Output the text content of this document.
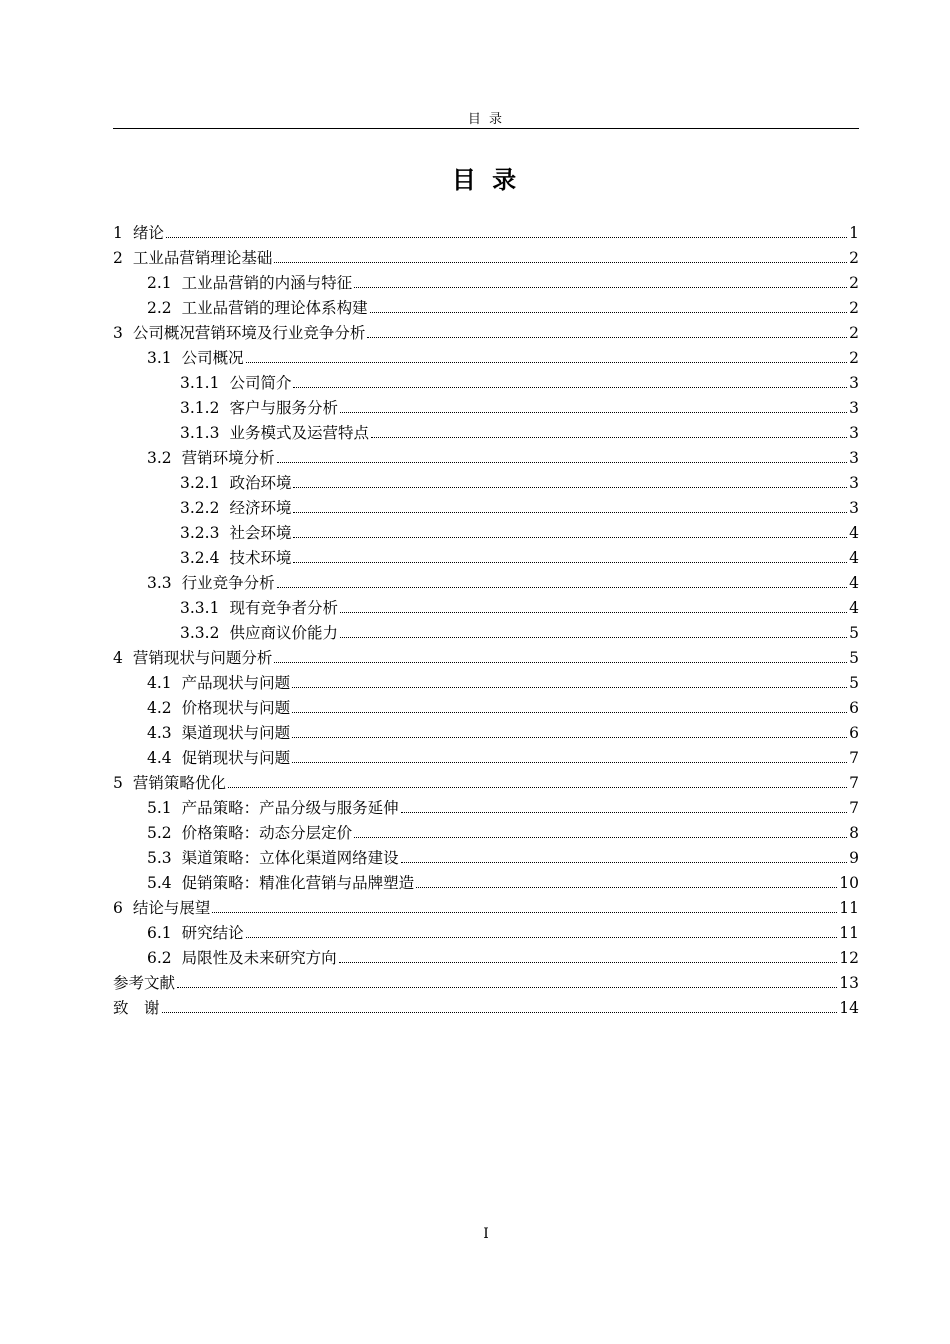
目 录
目 录
1 绪论	1
2 工业品营销理论基础	2
2.1 工业品营销的内涵与特征	2
2.2 工业品营销的理论体系构建	2
3 公司概况营销环境及行业竞争分析	2
3.1 公司概况	2
3.1.1 公司简介	3
3.1.2 客户与服务分析	3
3.1.3 业务模式及运营特点	3
3.2 营销环境分析	3
3.2.1 政治环境	3
3.2.2 经济环境	3
3.2.3 社会环境	4
3.2.4 技术环境	4
3.3 行业竞争分析	4
3.3.1 现有竞争者分析	4
3.3.2 供应商议价能力	5
4 营销现状与问题分析	5
4.1 产品现状与问题	5
4.2 价格现状与问题	6
4.3 渠道现状与问题	6
4.4 促销现状与问题	7
5 营销策略优化	7
5.1 产品策略：产品分级与服务延伸	7
5.2 价格策略：动态分层定价	8
5.3 渠道策略：立体化渠道网络建设	9
5.4 促销策略：精准化营销与品牌塑造	10
6 结论与展望	11
6.1 研究结论	11
6.2 局限性及未来研究方向	12
参考文献	13
致　谢	14
I
